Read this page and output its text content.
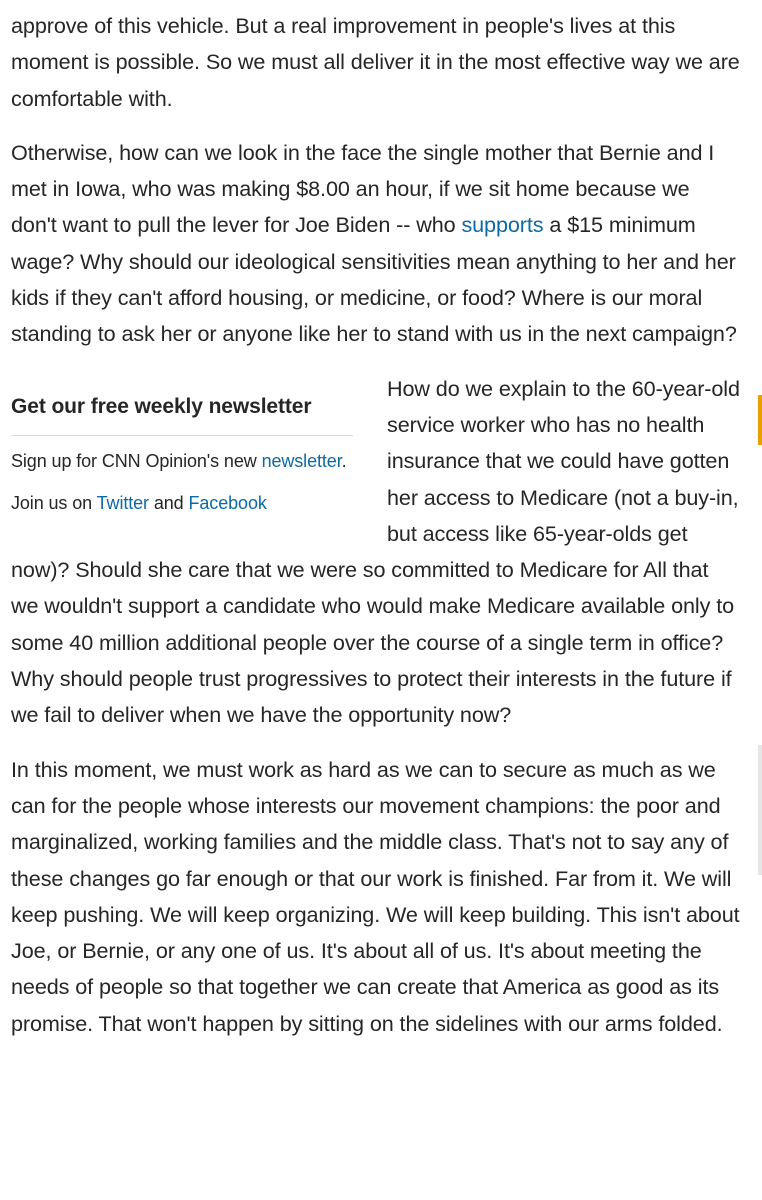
approve of this vehicle. But a real improvement in people's lives at this moment is possible. So we must all deliver it in the most effective way we are comfortable with.

Otherwise, how can we look in the face the single mother that Bernie and I met in Iowa, who was making $8.00 an hour, if we sit home because we don't want to pull the lever for Joe Biden -- who supports a $15 minimum wage? Why should our ideological sensitivities mean anything to her and her kids if they can't afford housing, or medicine, or food? Where is our moral standing to ask her or anyone like her to stand with us in the next campaign?

Get our free weekly newsletter
Sign up for CNN Opinion's new newsletter.
Join us on Twitter and Facebook

How do we explain to the 60-year-old service worker who has no health insurance that we could have gotten her access to Medicare (not a buy-in, but access like 65-year-olds get now)? Should she care that we were so committed to Medicare for All that we wouldn't support a candidate who would make Medicare available only to some 40 million additional people over the course of a single term in office? Why should people trust progressives to protect their interests in the future if we fail to deliver when we have the opportunity now?

In this moment, we must work as hard as we can to secure as much as we can for the people whose interests our movement champions: the poor and marginalized, working families and the middle class. That's not to say any of these changes go far enough or that our work is finished. Far from it. We will keep pushing. We will keep organizing. We will keep building. This isn't about Joe, or Bernie, or any one of us. It's about all of us. It's about meeting the needs of people so that together we can create that America as good as its promise. That won't happen by sitting on the sidelines with our arms folded.
